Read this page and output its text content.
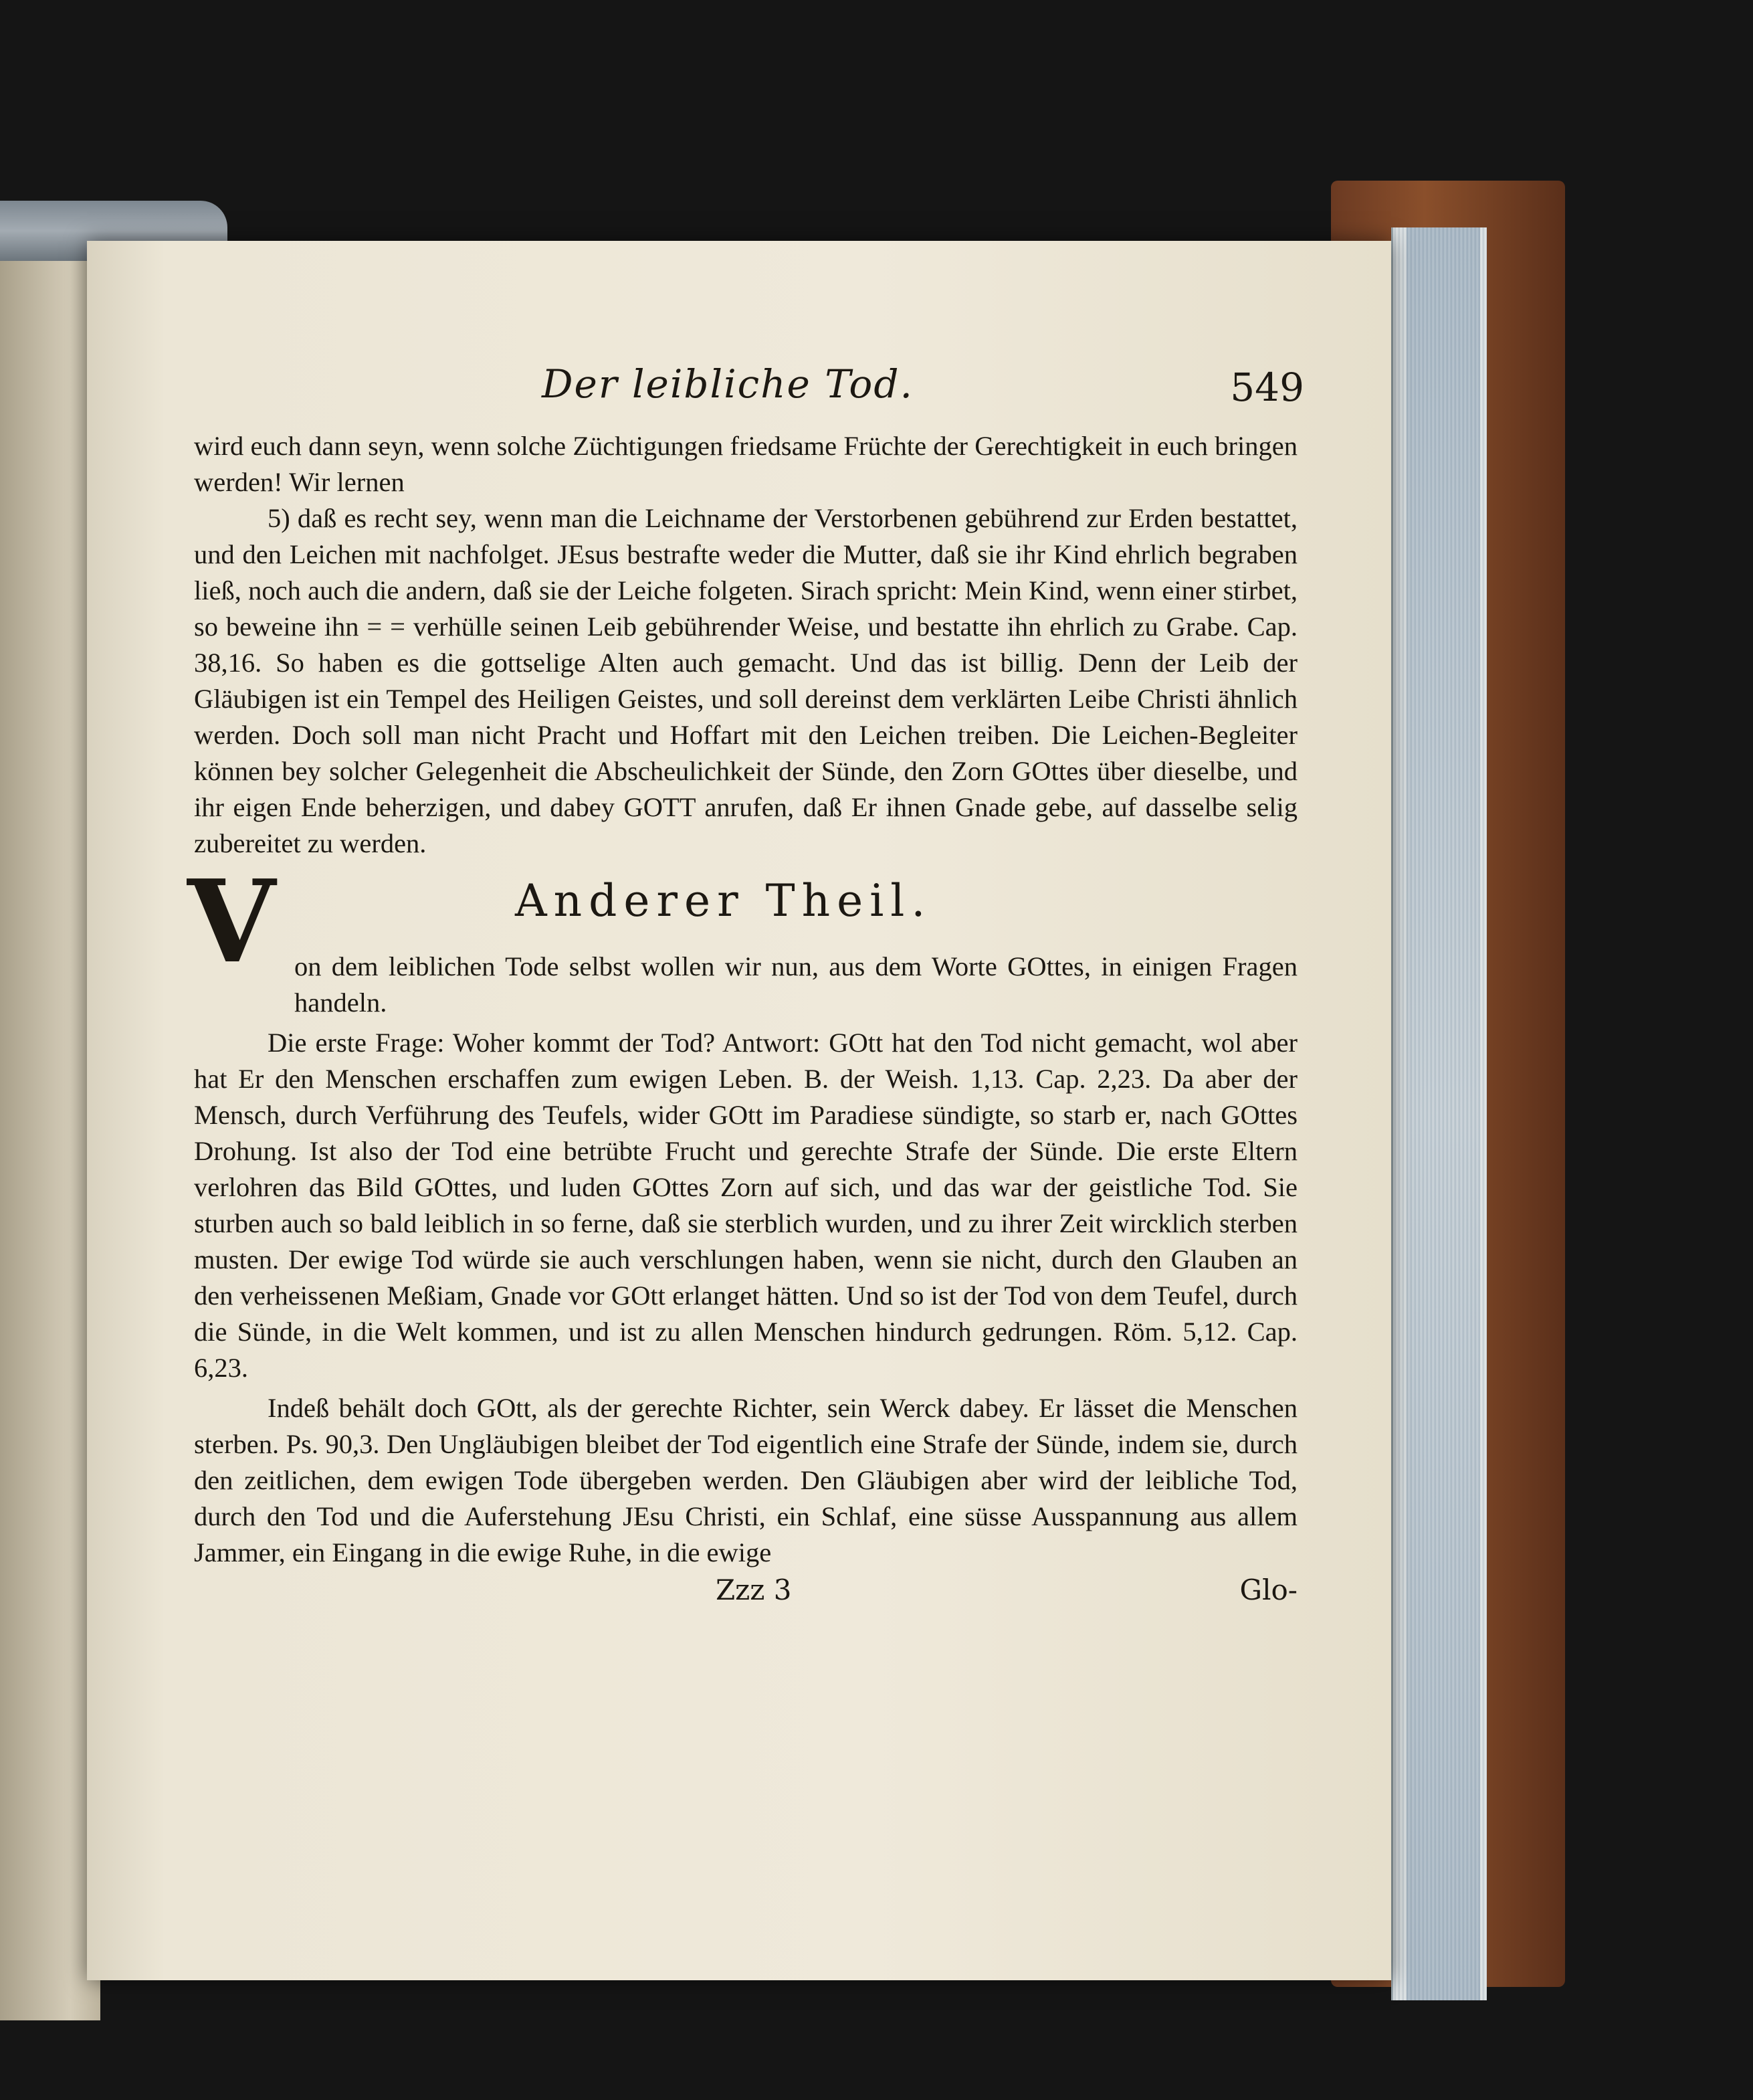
Der leibliche Tod.	549

wird euch dann seyn, wenn solche Züchtigungen friedsame Früchte der Gerechtigkeit in euch bringen werden! Wir lernen

5) daß es recht sey, wenn man die Leichname der Verstorbenen gebührend zur Erden bestattet, und den Leichen mit nachfolget. JEsus bestrafte weder die Mutter, daß sie ihr Kind ehrlich begraben ließ, noch auch die andern, daß sie der Leiche folgeten. Sirach spricht: Mein Kind, wenn einer stirbet, so beweine ihn = = verhülle seinen Leib gebührender Weise, und bestatte ihn ehrlich zu Grabe. Cap. 38,16. So haben es die gottselige Alten auch gemacht. Und das ist billig. Denn der Leib der Gläubigen ist ein Tempel des Heiligen Geistes, und soll dereinst dem verklärten Leibe Christi ähnlich werden. Doch soll man nicht Pracht und Hoffart mit den Leichen treiben. Die Leichen-Begleiter können bey solcher Gelegenheit die Abscheulichkeit der Sünde, den Zorn GOttes über dieselbe, und ihr eigen Ende beherzigen, und dabey GOTT anrufen, daß Er ihnen Gnade gebe, auf dasselbe selig zubereitet zu werden.

V	Anderer Theil.

on dem leiblichen Tode selbst wollen wir nun, aus dem Worte GOttes, in einigen Fragen handeln.

Die erste Frage: Woher kommt der Tod? Antwort: GOtt hat den Tod nicht gemacht, wol aber hat Er den Menschen erschaffen zum ewigen Leben. B. der Weish. 1,13. Cap. 2,23. Da aber der Mensch, durch Verführung des Teufels, wider GOtt im Paradiese sündigte, so starb er, nach GOttes Drohung. Ist also der Tod eine betrübte Frucht und gerechte Strafe der Sünde. Die erste Eltern verlohren das Bild GOttes, und luden GOttes Zorn auf sich, und das war der geistliche Tod. Sie sturben auch so bald leiblich in so ferne, daß sie sterblich wurden, und zu ihrer Zeit wircklich sterben musten. Der ewige Tod würde sie auch verschlungen haben, wenn sie nicht, durch den Glauben an den verheissenen Meßiam, Gnade vor GOtt erlanget hätten. Und so ist der Tod von dem Teufel, durch die Sünde, in die Welt kommen, und ist zu allen Menschen hindurch gedrungen. Röm. 5,12. Cap. 6,23.

Indeß behält doch GOtt, als der gerechte Richter, sein Werck dabey. Er lässet die Menschen sterben. Ps. 90,3. Den Ungläubigen bleibet der Tod eigentlich eine Strafe der Sünde, indem sie, durch den zeitlichen, dem ewigen Tode übergeben werden. Den Gläubigen aber wird der leibliche Tod, durch den Tod und die Auferstehung JEsu Christi, ein Schlaf, eine süsse Ausspannung aus allem Jammer, ein Eingang in die ewige Ruhe, in die ewige

Zzz 3	Glo-
